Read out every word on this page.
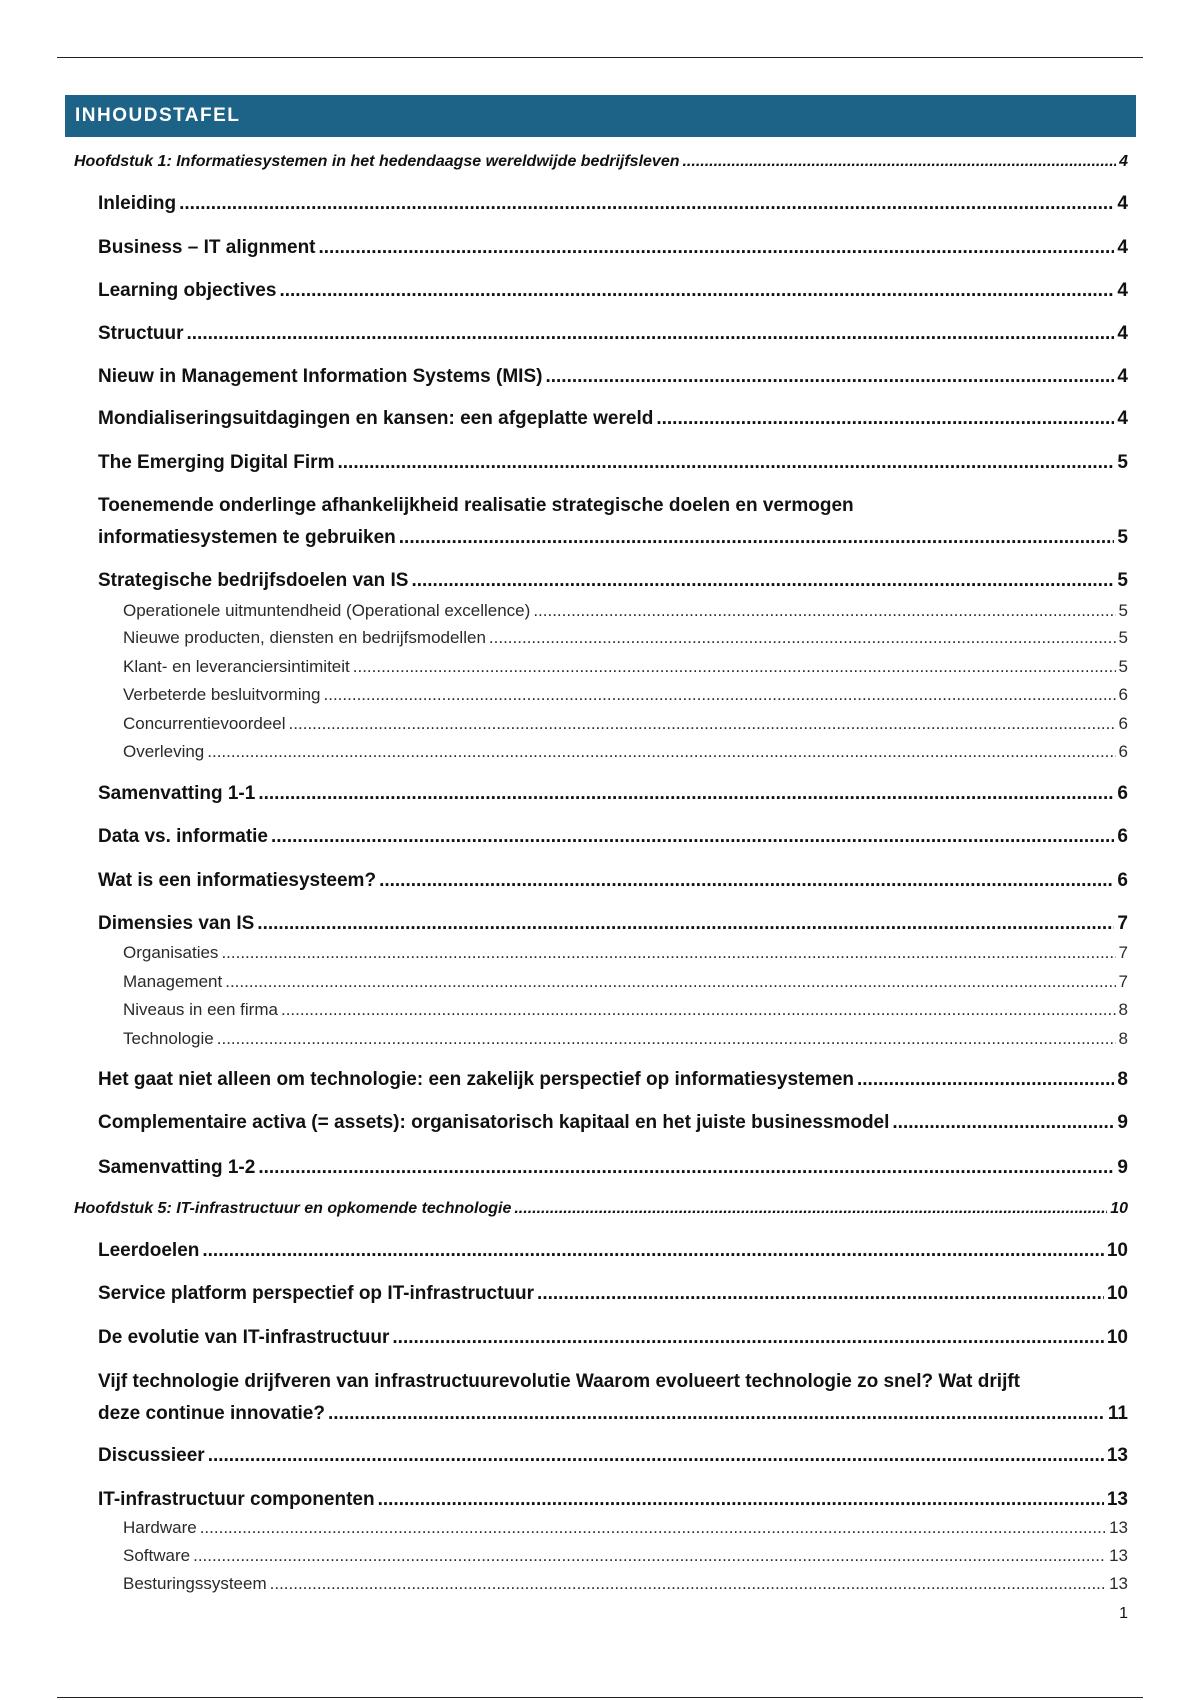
INHOUDSTAFEL
Hoofdstuk 1: Informatiesystemen in het hedendaagse wereldwijde bedrijfsleven .....	4
Inleiding .....	4
Business – IT alignment .....	4
Learning objectives .....	4
Structuur .....	4
Nieuw in Management Information Systems (MIS) .....	4
Mondialiseringsuitdagingen en kansen: een afgeplatte wereld .....	4
The Emerging Digital Firm .....	5
Toenemende onderlinge afhankelijkheid realisatie strategische doelen en vermogen
informatiesystemen te gebruiken .....	5
Strategische bedrijfsdoelen van IS .....	5
Operationele uitmuntendheid (Operational excellence) .....	5
Nieuwe producten, diensten en bedrijfsmodellen .....	5
Klant- en leveranciersintimiteit .....	5
Verbeterde besluitvorming .....	6
Concurrentievoordeel .....	6
Overleving .....	6
Samenvatting 1-1 .....	6
Data vs. informatie .....	6
Wat is een informatiesysteem? .....	6
Dimensies van IS .....	7
Organisaties .....	7
Management .....	7
Niveaus in een firma .....	8
Technologie .....	8
Het gaat niet alleen om technologie: een zakelijk perspectief op informatiesystemen .....	8
Complementaire activa (= assets): organisatorisch kapitaal en het juiste businessmodel .....	9
Samenvatting 1-2 .....	9
Hoofdstuk 5: IT-infrastructuur en opkomende technologie .....	10
Leerdoelen .....	10
Service platform perspectief op IT-infrastructuur .....	10
De evolutie van IT-infrastructuur .....	10
Vijf technologie drijfveren van infrastructuurevolutie Waarom evolueert technologie zo snel? Wat drijft
deze continue innovatie? .....	11
Discussieer .....	13
IT-infrastructuur componenten .....	13
Hardware .....	13
Software .....	13
Besturingssysteem .....	13
1
